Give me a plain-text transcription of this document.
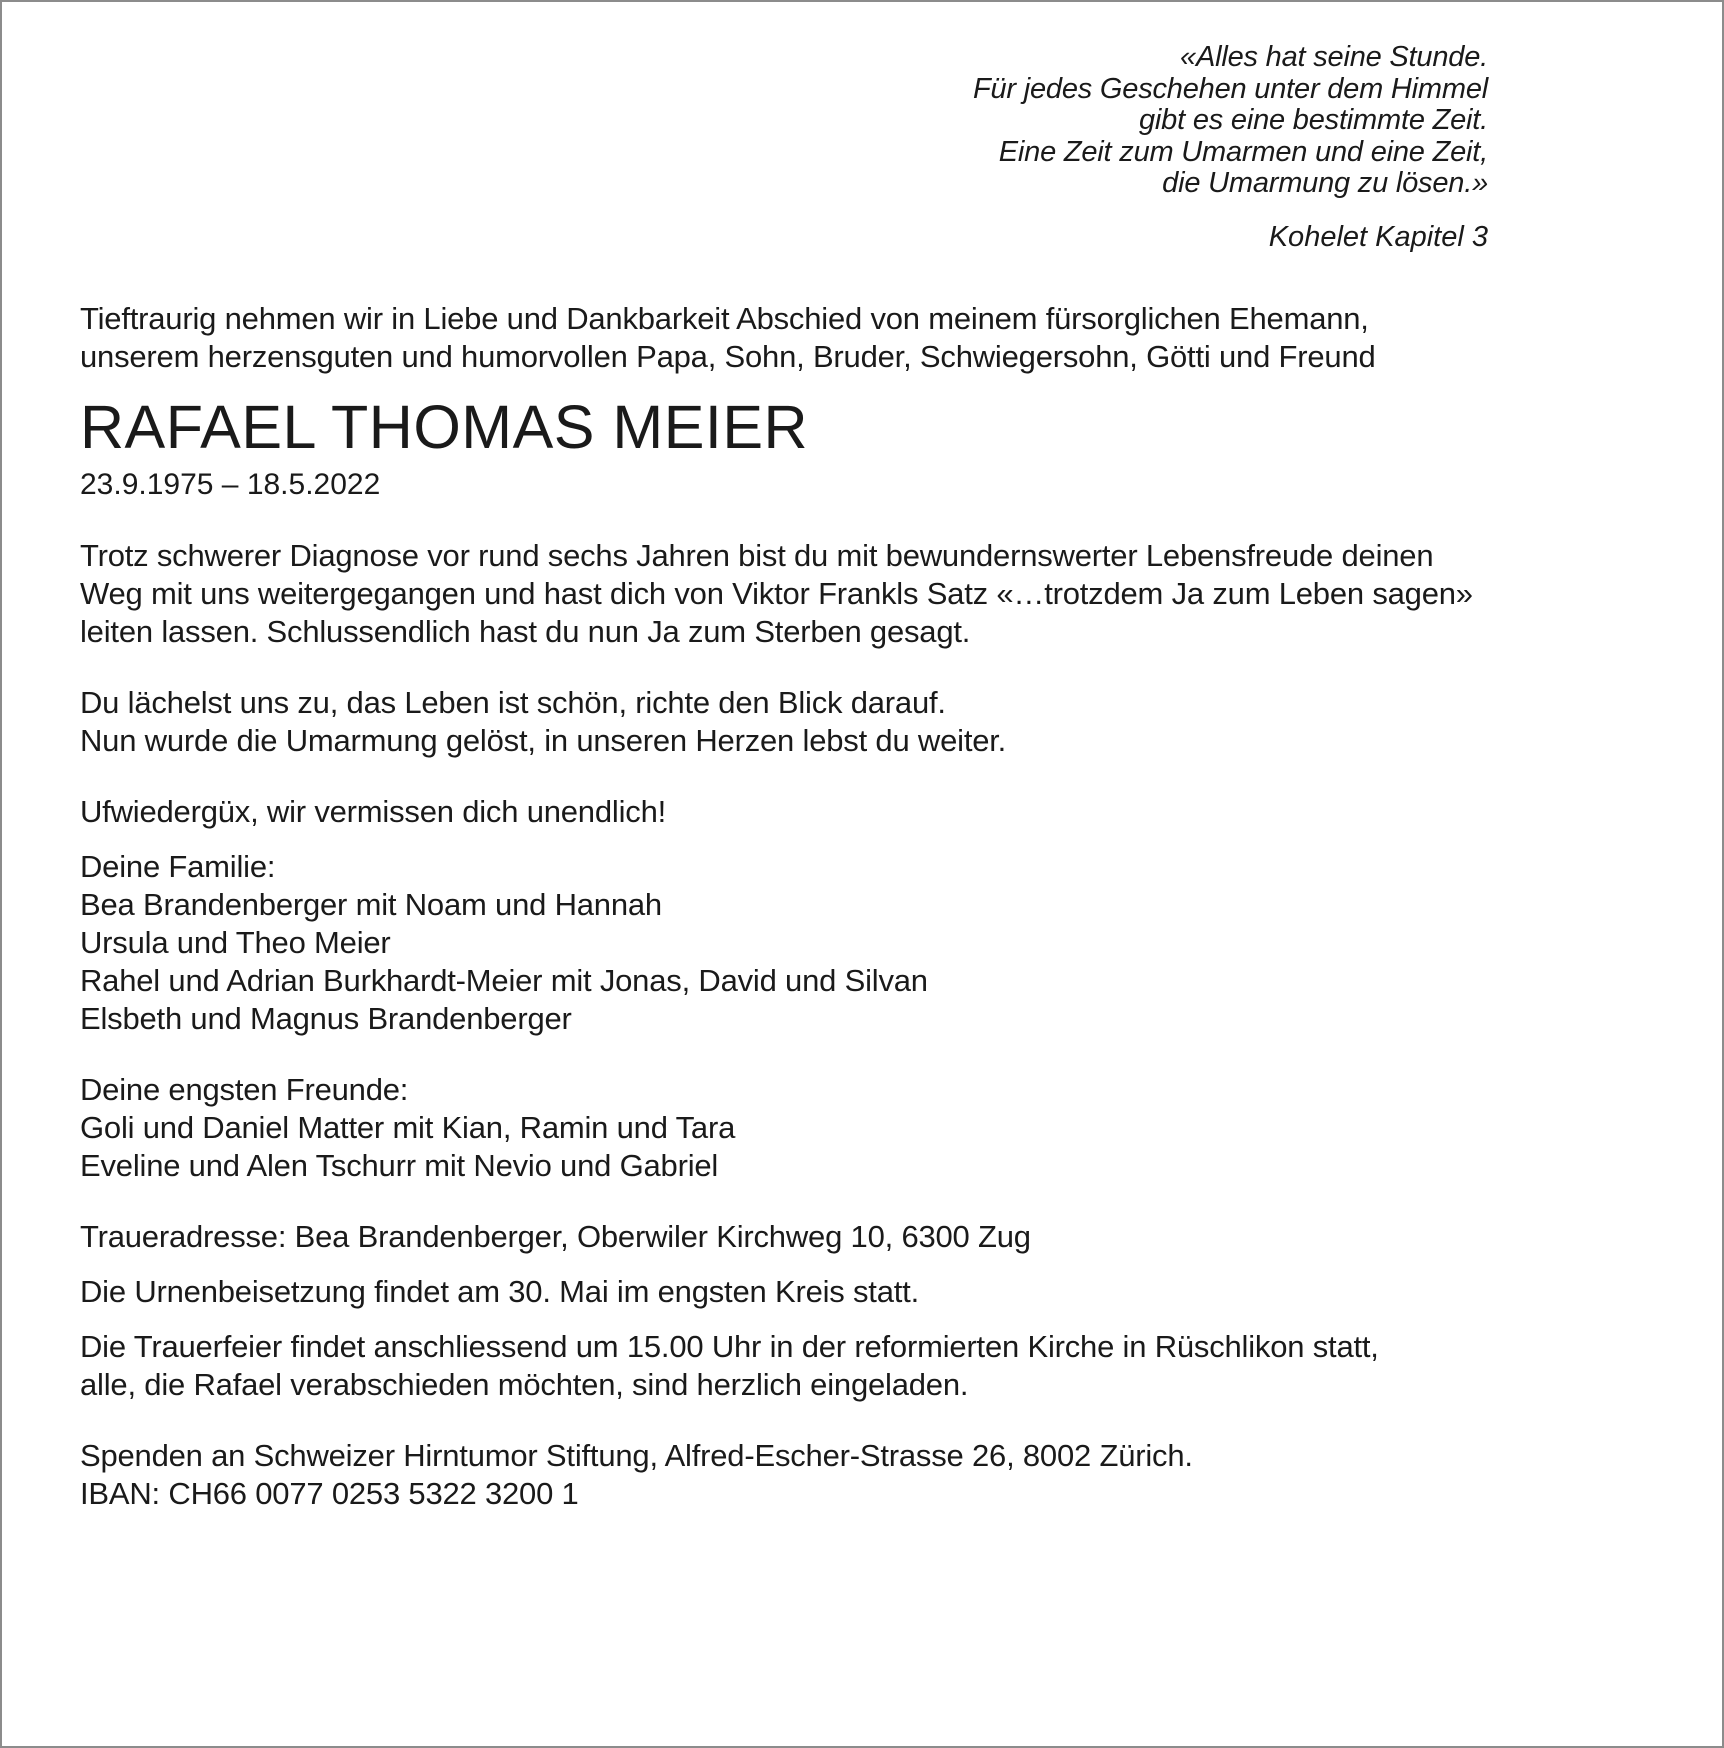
«Alles hat seine Stunde.
Für jedes Geschehen unter dem Himmel
gibt es eine bestimmte Zeit.
Eine Zeit zum Umarmen und eine Zeit,
die Umarmung zu lösen.»
Kohelet Kapitel 3
Tieftraurig nehmen wir in Liebe und Dankbarkeit Abschied von meinem fürsorglichen Ehemann,
unserem herzensguten und humorvollen Papa, Sohn, Bruder, Schwiegersohn, Götti und Freund
RAFAEL THOMAS MEIER
23.9.1975 – 18.5.2022
Trotz schwerer Diagnose vor rund sechs Jahren bist du mit bewundernswerter Lebensfreude deinen
Weg mit uns weitergegangen und hast dich von Viktor Frankls Satz «…trotzdem Ja zum Leben sagen»
leiten lassen. Schlussendlich hast du nun Ja zum Sterben gesagt.
Du lächelst uns zu, das Leben ist schön, richte den Blick darauf.
Nun wurde die Umarmung gelöst, in unseren Herzen lebst du weiter.
Ufwiedergüx, wir vermissen dich unendlich!
Deine Familie:
Bea Brandenberger mit Noam und Hannah
Ursula und Theo Meier
Rahel und Adrian Burkhardt-Meier mit Jonas, David und Silvan
Elsbeth und Magnus Brandenberger
Deine engsten Freunde:
Goli und Daniel Matter mit Kian, Ramin und Tara
Eveline und Alen Tschurr mit Nevio und Gabriel
Traueradresse: Bea Brandenberger, Oberwiler Kirchweg 10, 6300 Zug
Die Urnenbeisetzung findet am 30. Mai im engsten Kreis statt.
Die Trauerfeier findet anschliessend um 15.00 Uhr in der reformierten Kirche in Rüschlikon statt,
alle, die Rafael verabschieden möchten, sind herzlich eingeladen.
Spenden an Schweizer Hirntumor Stiftung, Alfred-Escher-Strasse 26, 8002 Zürich.
IBAN: CH66 0077 0253 5322 3200 1
